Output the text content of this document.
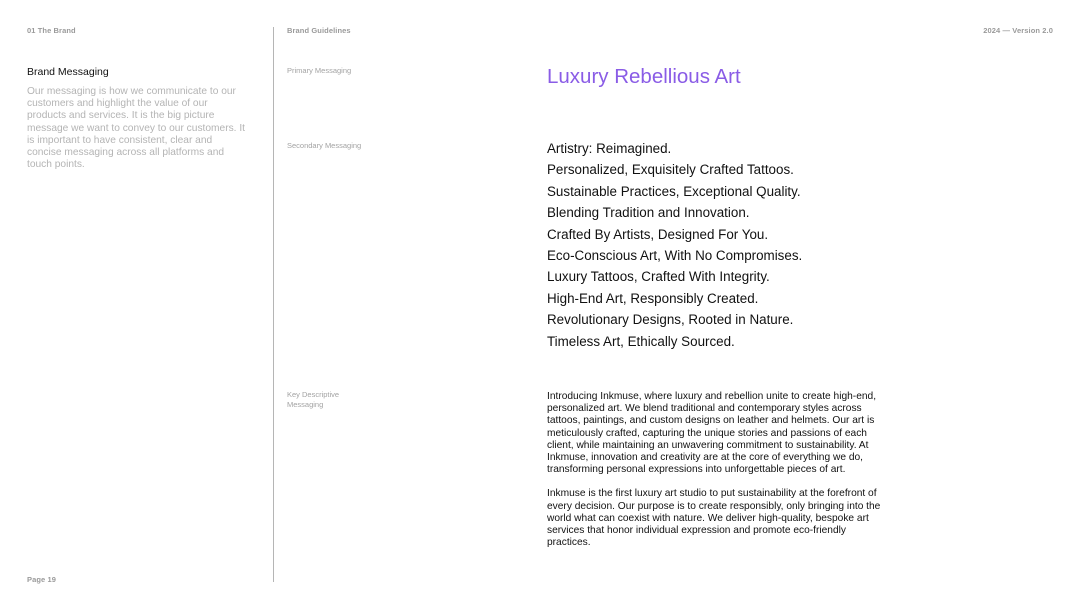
01 The Brand	Brand Guidelines	2024 — Version 2.0
Brand Messaging
Our messaging is how we communicate to our customers and highlight the value of our products and services. It is the big picture message we want to convey to our customers. It is important to have consistent, clear and concise messaging across all platforms and touch points.
Page 19
Primary Messaging
Secondary Messaging
Key Descriptive Messaging
Luxury Rebellious Art
Artistry: Reimagined.
Personalized, Exquisitely Crafted Tattoos.
Sustainable Practices, Exceptional Quality.
Blending Tradition and Innovation.
Crafted By Artists, Designed For You.
Eco-Conscious Art, With No Compromises.
Luxury Tattoos, Crafted With Integrity.
High-End Art, Responsibly Created.
Revolutionary Designs, Rooted in Nature.
Timeless Art, Ethically Sourced.

Introducing Inkmuse, where luxury and rebellion unite to create high-end, personalized art. We blend traditional and contemporary styles across tattoos, paintings, and custom designs on leather and helmets. Our art is meticulously crafted, capturing the unique stories and passions of each client, while maintaining an unwavering commitment to sustainability. At Inkmuse, innovation and creativity are at the core of everything we do, transforming personal expressions into unforgettable pieces of art.

Inkmuse is the first luxury art studio to put sustainability at the forefront of every decision. Our purpose is to create responsibly, only bringing into the world what can coexist with nature. We deliver high-quality, bespoke art services that honor individual expression and promote eco-friendly practices.
